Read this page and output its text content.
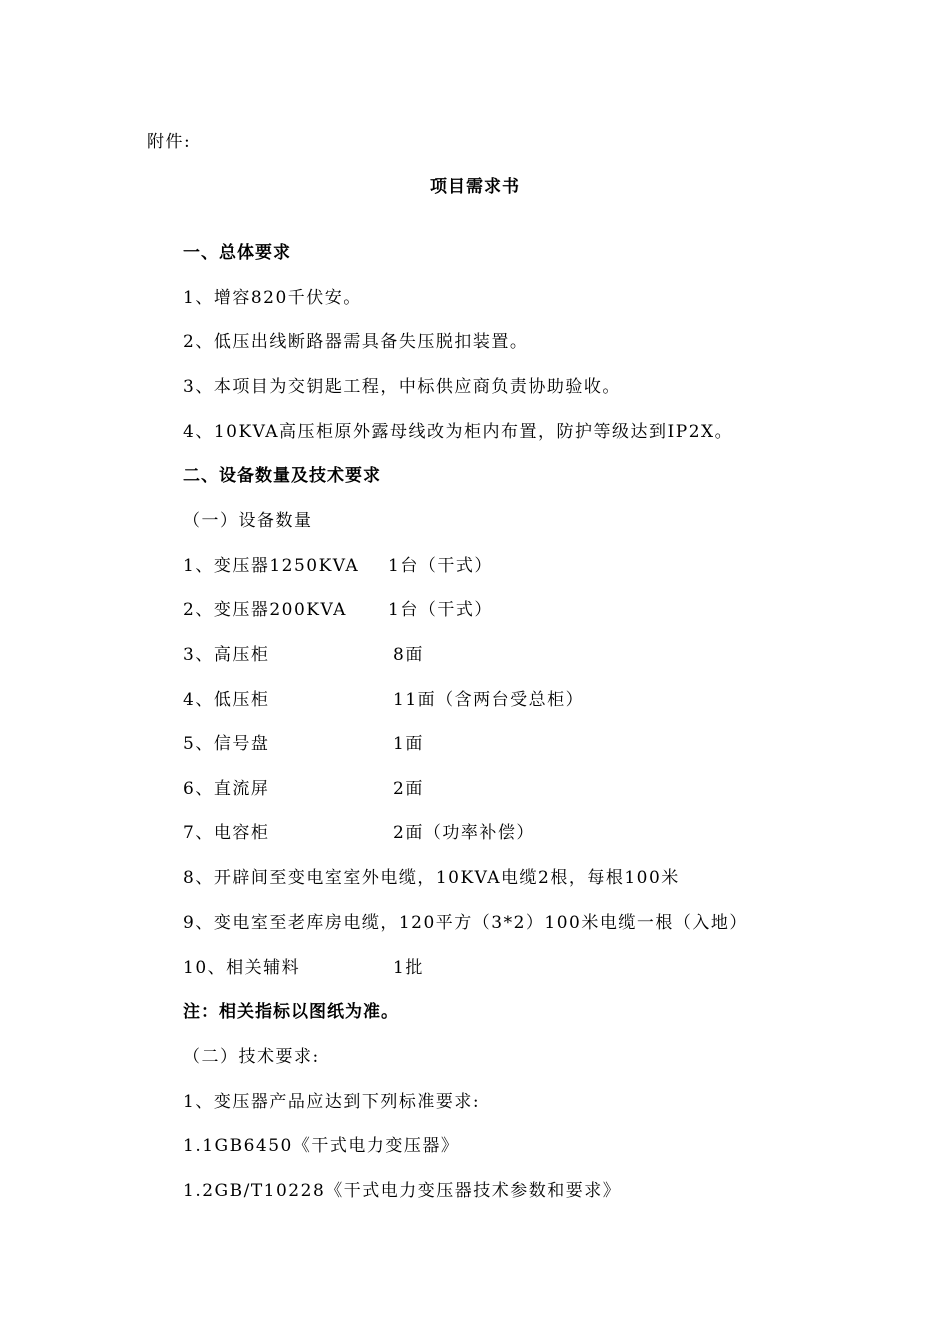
附件:
项目需求书
一、总体要求
1、增容820千伏安。
2、低压出线断路器需具备失压脱扣装置。
3、本项目为交钥匙工程，中标供应商负责协助验收。
4、10KVA高压柜原外露母线改为柜内布置，防护等级达到IP2X。
二、设备数量及技术要求
（一）设备数量
1、变压器1250KVA 1台（干式）
2、变压器200KVA 1台（干式）
3、高压柜	8面
4、低压柜	11面（含两台受总柜）
5、信号盘	1面
6、直流屏	2面
7、电容柜	2面（功率补偿）
8、开辟间至变电室室外电缆，10KVA电缆2根，每根100米
9、变电室至老库房电缆，120平方（3*2）100米电缆一根（入地）
10、相关辅料	1批
注：相关指标以图纸为准。
（二）技术要求:
1、变压器产品应达到下列标准要求:
1.1GB6450《干式电力变压器》
1.2GB/T10228《干式电力变压器技术参数和要求》
